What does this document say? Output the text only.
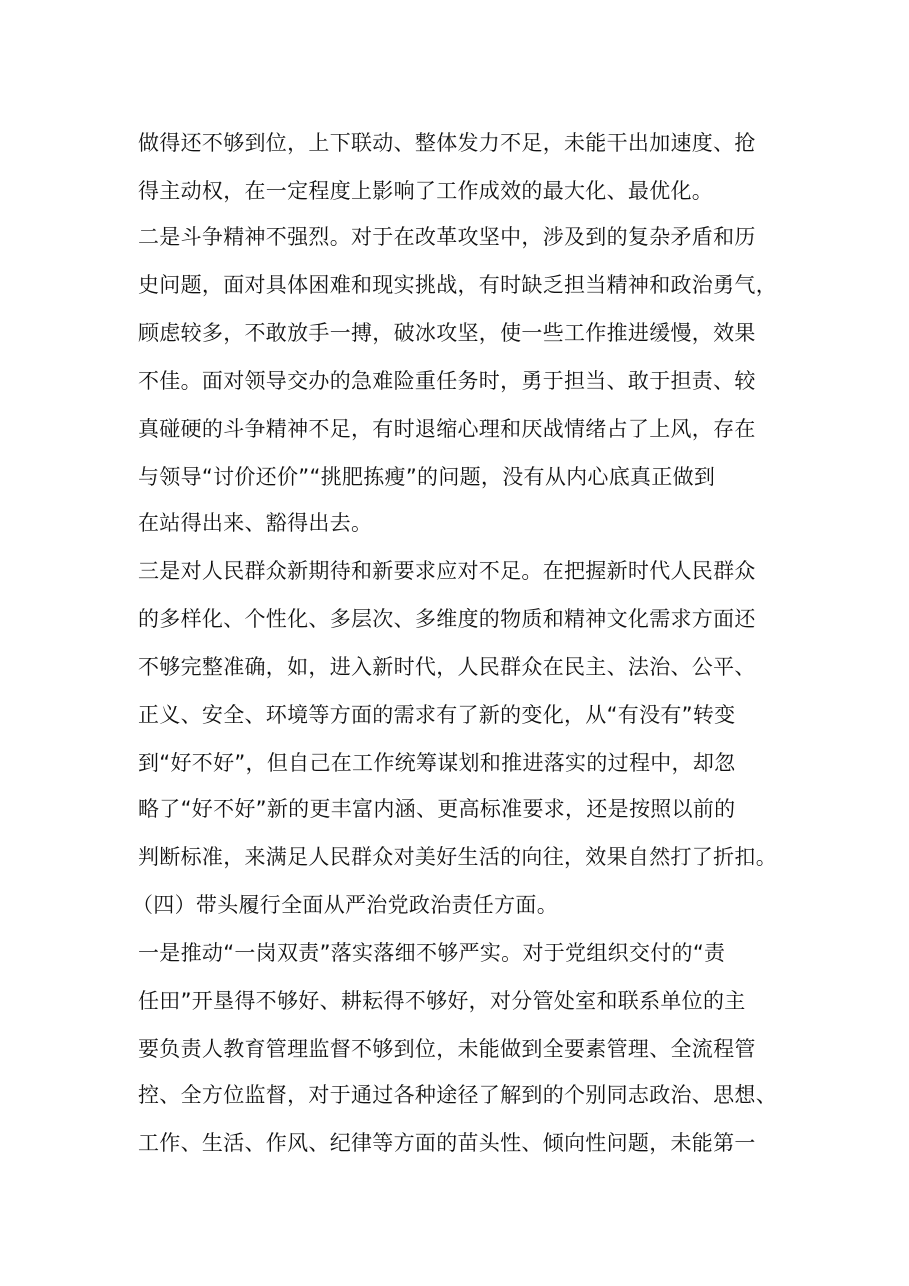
做得还不够到位，上下联动、整体发力不足，未能干出加速度、抢
得主动权，在一定程度上影响了工作成效的最大化、最优化。
二是斗争精神不强烈。对于在改革攻坚中，涉及到的复杂矛盾和历
史问题，面对具体困难和现实挑战，有时缺乏担当精神和政治勇气，
顾虑较多，不敢放手一搏，破冰攻坚，使一些工作推进缓慢，效果
不佳。面对领导交办的急难险重任务时，勇于担当、敢于担责、较
真碰硬的斗争精神不足，有时退缩心理和厌战情绪占了上风，存在
与领导“讨价还价”“挑肥拣瘦”的问题，没有从内心底真正做到
在站得出来、豁得出去。
三是对人民群众新期待和新要求应对不足。在把握新时代人民群众
的多样化、个性化、多层次、多维度的物质和精神文化需求方面还
不够完整准确，如，进入新时代，人民群众在民主、法治、公平、
正义、安全、环境等方面的需求有了新的变化，从“有没有”转变
到“好不好”，但自己在工作统筹谋划和推进落实的过程中，却忽
略了“好不好”新的更丰富内涵、更高标准要求，还是按照以前的
判断标准，来满足人民群众对美好生活的向往，效果自然打了折扣。
（四）带头履行全面从严治党政治责任方面。
一是推动“一岗双责”落实落细不够严实。对于党组织交付的“责
任田”开垦得不够好、耕耘得不够好，对分管处室和联系单位的主
要负责人教育管理监督不够到位，未能做到全要素管理、全流程管
控、全方位监督，对于通过各种途径了解到的个别同志政治、思想、
工作、生活、作风、纪律等方面的苗头性、倾向性问题，未能第一
